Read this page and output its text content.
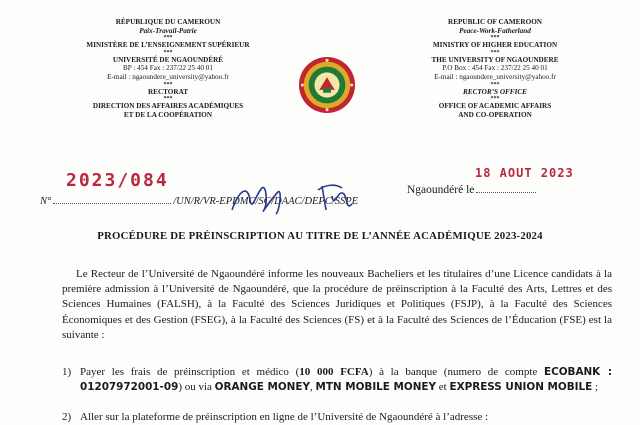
RÉPUBLIQUE DU CAMEROUN
Paix-Travail-Patrie
***
MINISTÈRE DE L’ENSEIGNEMENT SUPÉRIEUR
***
UNIVERSITÉ DE NGAOUNDÉRÉ
BP : 454 Fax : 237/22 25 40 01
E-mail : ngaoundere_university@yahoo.fr
***
RECTORAT
***
DIRECTION DES AFFAIRES ACADÉMIQUES
ET DE LA COOPÉRATION
REPUBLIC OF CAMEROON
Peace-Work-Fatherland
***
MINISTRY OF HIGHER EDUCATION
***
THE UNIVERSITY OF NGAOUNDERE
P.O Box : 454 Fax : 237/22 25 40 01
E-mail : ngaoundere_university@yahoo.fr
***
RECTOR’S OFFICE
***
OFFICE OF ACADEMIC AFFAIRS
AND CO-OPERATION
2023/084	18 AOUT 2023
Ngaoundéré le
N°	/UN/R/VR-EPDMC/SG/DAAC/DEPC/SSPE
PROCÉDURE DE PRÉINSCRIPTION AU TITRE DE L’ANNÉE ACADÉMIQUE 2023-2024
Le Recteur de l’Université de Ngaoundéré informe les nouveaux Bacheliers et les titulaires d’une Licence candidats à la première admission à l’Université de Ngaoundéré, que la procédure de préinscription à la Faculté des Arts, Lettres et des Sciences Humaines (FALSH), à la Faculté des Sciences Juridiques et Politiques (FSJP), à la Faculté des Sciences Économiques et des Gestion (FSEG), à la Faculté des Sciences (FS) et à la Faculté des Sciences de l’Éducation (FSE) est la suivante :
1) Payer les frais de préinscription et médico (10 000 FCFA) à la banque (numero de compte ECOBANK : 01207972001-09) ou via ORANGE MONEY, MTN MOBILE MONEY et EXPRESS UNION MOBILE ;
2) Aller sur la plateforme de préinscription en ligne de l’Université de Ngaoundéré à l’adresse :
